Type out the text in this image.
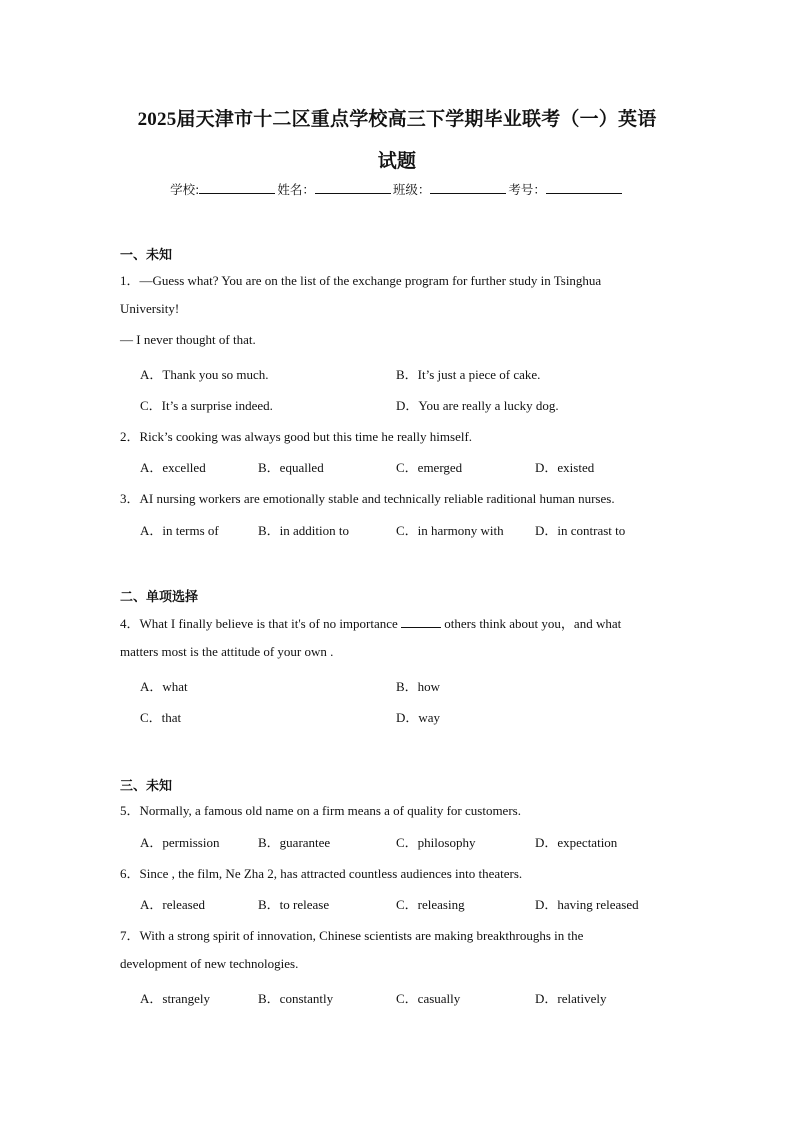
2025届天津市十二区重点学校高三下学期毕业联考（一）英语
试题
学校:	姓名：	班级：	考号：
一、未知
1．—Guess what? You are on the list of the exchange program for further study in Tsinghua
University!
— I never thought of that.
A．Thank you so much.	B．It’s just a piece of cake.
C．It’s a surprise indeed.	D．You are really a lucky dog.
2．Rick’s cooking was always good but this time he really himself.
A．excelled	B．equalled	C．emerged	D．existed
3．AI nursing workers are emotionally stable and technically reliable raditional human nurses.
A．in terms of	B．in addition to	C．in harmony with D．in contrast to
二、单项选择
4．What I finally believe is that it's of no importance	others think about you，and what
matters most is the attitude of your own .
A．what	B．how
C．that	D．way
三、未知
5．Normally, a famous old name on a firm means a of quality for customers.
A．permission	B．guarantee	C．philosophy	D．expectation
6．Since , the film, Ne Zha 2, has attracted countless audiences into theaters.
A．released	B．to release	C．releasing	D．having released
7．With a strong spirit of innovation, Chinese scientists are making breakthroughs in the
development of new technologies.
A．strangely	B．constantly	C．casually	D．relatively
